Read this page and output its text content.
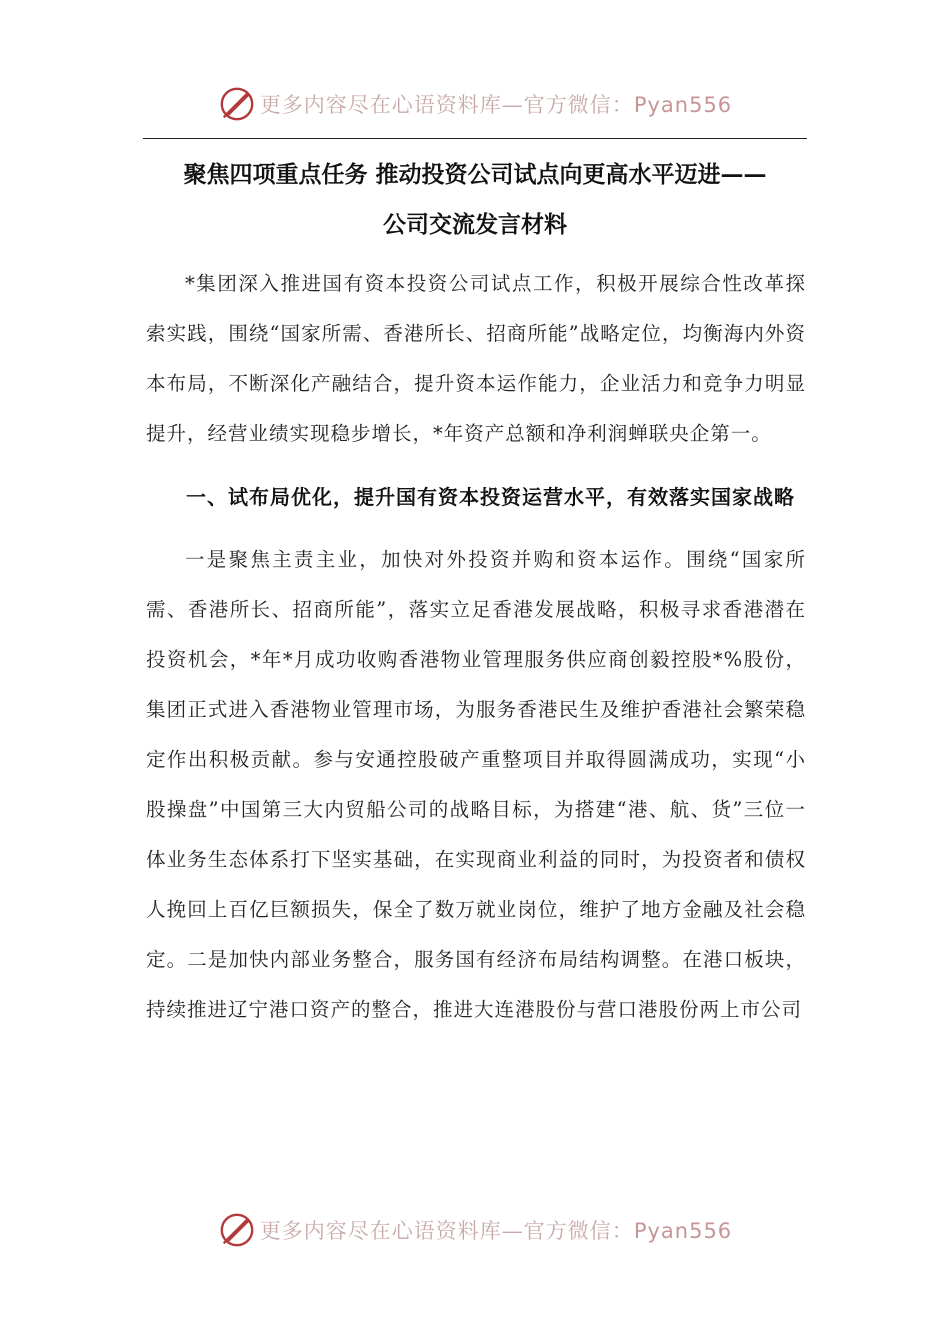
更多内容尽在心语资料库—官方微信：Pyan556
聚焦四项重点任务 推动投资公司试点向更高水平迈进——
公司交流发言材料

*集团深入推进国有资本投资公司试点工作，积极开展综合性改革探索实践，围绕“国家所需、香港所长、招商所能”战略定位，均衡海内外资本布局，不断深化产融结合，提升资本运作能力，企业活力和竞争力明显提升，经营业绩实现稳步增长，*年资产总额和净利润蝉联央企第一。

一、试布局优化，提升国有资本投资运营水平，有效落实国家战略

一是聚焦主责主业，加快对外投资并购和资本运作。围绕“国家所需、香港所长、招商所能”，落实立足香港发展战略，积极寻求香港潜在投资机会，*年*月成功收购香港物业管理服务供应商创毅控股*%股份，集团正式进入香港物业管理市场，为服务香港民生及维护香港社会繁荣稳定作出积极贡献。参与安通控股破产重整项目并取得圆满成功，实现“小股操盘”中国第三大内贸船公司的战略目标，为搭建“港、航、货”三位一体业务生态体系打下坚实基础，在实现商业利益的同时，为投资者和债权人挽回上百亿巨额损失，保全了数万就业岗位，维护了地方金融及社会稳定。二是加快内部业务整合，服务国有经济布局结构调整。在港口板块，持续推进辽宁港口资产的整合，推进大连港股份与营口港股份两上市公司

更多内容尽在心语资料库—官方微信：Pyan556
